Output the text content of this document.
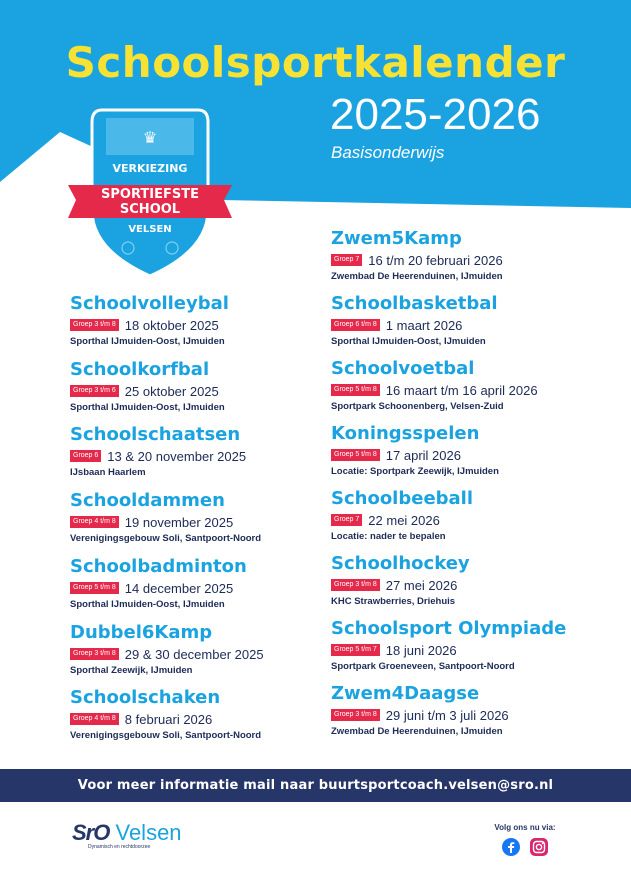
Schoolsportkalender
2025-2026
Basisonderwijs
♛
VERKIEZING
SPORTIEFSTE
SCHOOL
VELSEN
Schoolvolleybal
Groep 3 t/m 8 18 oktober 2025
Sporthal IJmuiden-Oost, IJmuiden
Schoolkorfbal
Groep 3 t/m 6 25 oktober 2025
Sporthal IJmuiden-Oost, IJmuiden
Schoolschaatsen
Groep 6 13 & 20 november 2025
IJsbaan Haarlem
Schooldammen
Groep 4 t/m 8 19 november 2025
Verenigingsgebouw Soli, Santpoort-Noord
Schoolbadminton
Groep 5 t/m 8 14 december 2025
Sporthal IJmuiden-Oost, IJmuiden
Dubbel6Kamp
Groep 3 t/m 8 29 & 30 december 2025
Sporthal Zeewijk, IJmuiden
Schoolschaken
Groep 4 t/m 8 8 februari 2026
Verenigingsgebouw Soli, Santpoort-Noord
Zwem5Kamp
Groep 7 16 t/m 20 februari 2026
Zwembad De Heerenduinen, IJmuiden
Schoolbasketbal
Groep 6 t/m 8 1 maart 2026
Sporthal IJmuiden-Oost, IJmuiden
Schoolvoetbal
Groep 5 t/m 8 16 maart t/m 16 april 2026
Sportpark Schoonenberg, Velsen-Zuid
Koningsspelen
Groep 5 t/m 8 17 april 2026
Locatie: Sportpark Zeewijk, IJmuiden
Schoolbeeball
Groep 7 22 mei 2026
Locatie: nader te bepalen
Schoolhockey
Groep 3 t/m 8 27 mei 2026
KHC Strawberries, Driehuis
Schoolsport Olympiade
Groep 5 t/m 7 18 juni 2026
Sportpark Groeneveen, Santpoort-Noord
Zwem4Daagse
Groep 3 t/m 8 29 juni t/m 3 juli 2026
Zwembad De Heerenduinen, IJmuiden
Voor meer informatie mail naar buurtsportcoach.velsen@sro.nl
SrO Velsen
Dynamisch en rechtdoorzee
Volg ons nu via:
